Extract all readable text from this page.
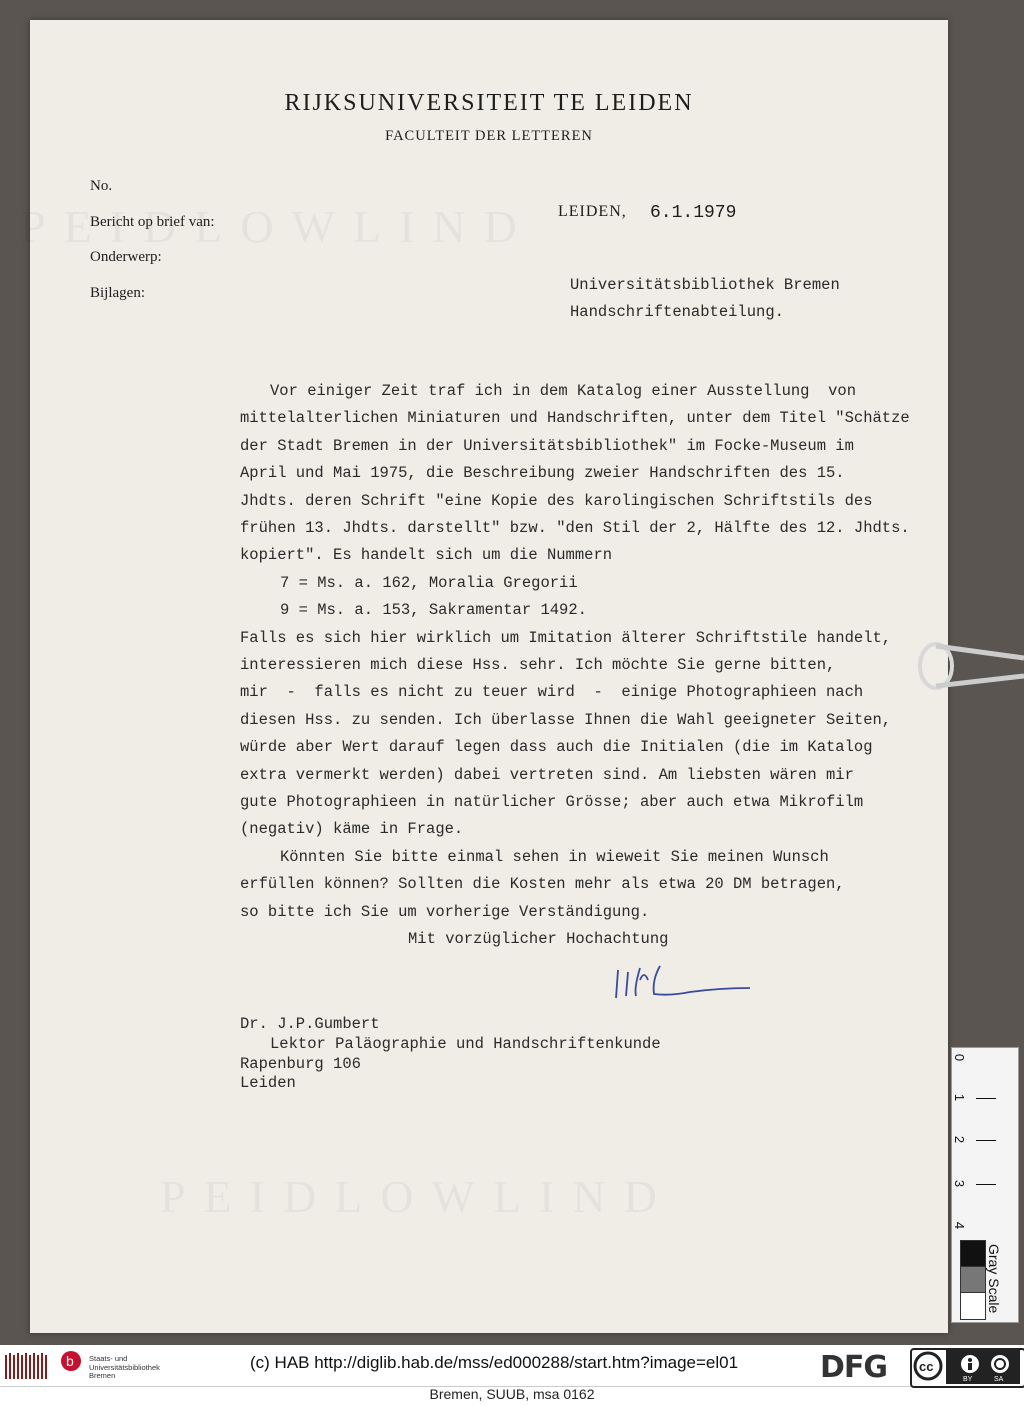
RIJKSUNIVERSITEIT TE LEIDEN
FACULTEIT DER LETTEREN
No.
Bericht op brief van:
Onderwerp:
Bijlagen:
LEIDEN, 6.1.1979
Universitätsbibliothek Bremen
Handschriftenabteilung.
Vor einiger Zeit traf ich in dem Katalog einer Ausstellung  von
mittelalterlichen Miniaturen und Handschriften, unter dem Titel "Schätze
der Stadt Bremen in der Universitätsbibliothek" im Focke-Museum im
April und Mai 1975, die Beschreibung zweier Handschriften des 15.
Jhdts. deren Schrift "eine Kopie des karolingischen Schriftstils des
frühen 13. Jhdts. darstellt" bzw. "den Stil der 2, Hälfte des 12. Jhdts.
kopiert". Es handelt sich um die Nummern
7 = Ms. a. 162, Moralia Gregorii
9 = Ms. a. 153, Sakramentar 1492.
Falls es sich hier wirklich um Imitation älterer Schriftstile handelt,
interessieren mich diese Hss. sehr. Ich möchte Sie gerne bitten,
mir  -  falls es nicht zu teuer wird  -  einige Photographieen nach
diesen Hss. zu senden. Ich überlasse Ihnen die Wahl geeigneter Seiten,
würde aber Wert darauf legen dass auch die Initialen (die im Katalog
extra vermerkt werden) dabei vertreten sind. Am liebsten wären mir
gute Photographieen in natürlicher Grösse; aber auch etwa Mikrofilm
(negativ) käme in Frage.
Könnten Sie bitte einmal sehen in wieweit Sie meinen Wunsch
erfüllen können? Sollten die Kosten mehr als etwa 20 DM betragen,
so bitte ich Sie um vorherige Verständigung.
Mit vorzüglicher Hochachtung
Dr. J.P.Gumbert
Lektor Paläographie und Handschriftenkunde
Rapenburg 106
Leiden
0
1
2
3
4
Gray Scale
b Staats- und
Universitätsbibliothek
Bremen
(c) HAB http://diglib.hab.de/mss/ed000288/start.htm?image=el01	DFG cc
BY	SA
Bremen, SUUB, msa 0162
